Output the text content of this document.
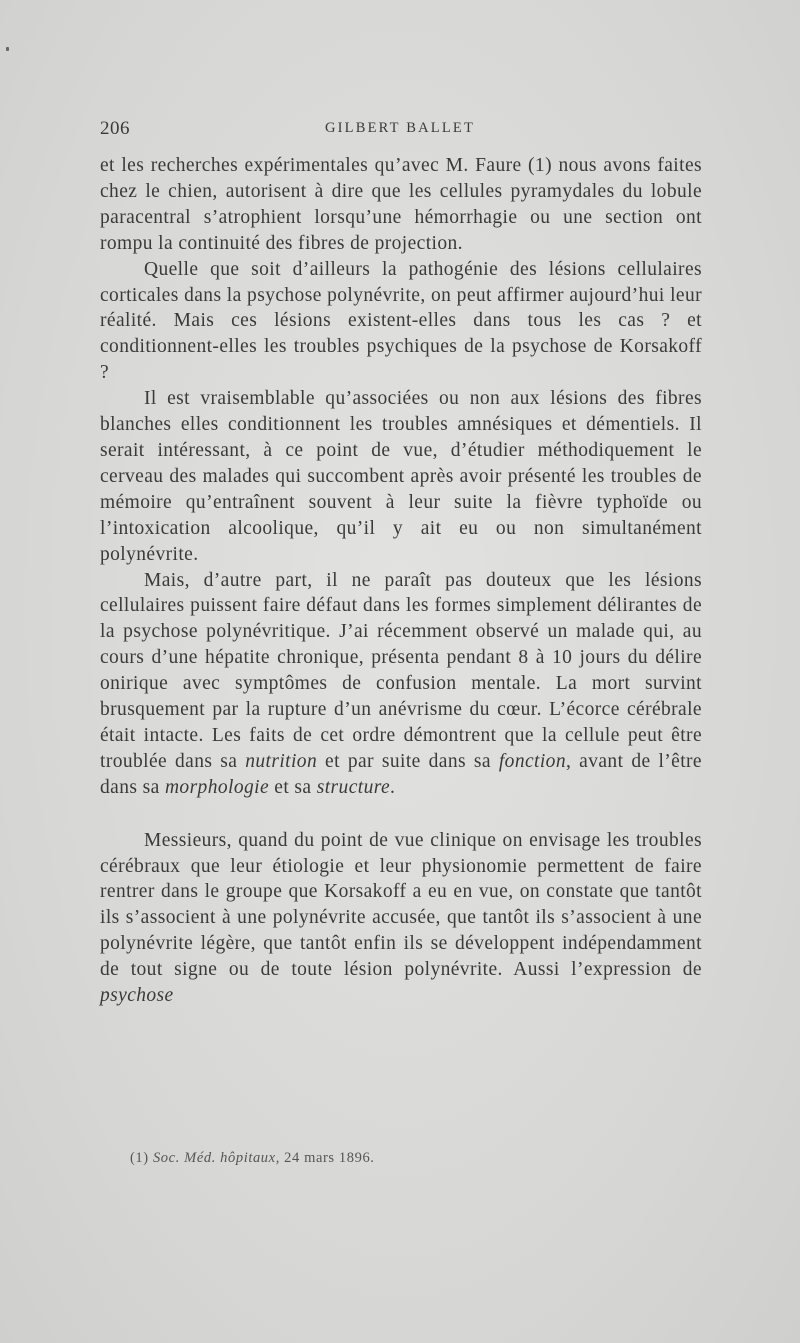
206	GILBERT BALLET

et les recherches expérimentales qu’avec M. Faure (1) nous avons faites chez le chien, autorisent à dire que les cellules pyramydales du lobule paracentral s’atrophient lorsqu’une hémorrhagie ou une section ont rompu la continuité des fibres de projection.

Quelle que soit d’ailleurs la pathogénie des lésions cellulaires corticales dans la psychose polynévrite, on peut affirmer aujourd’hui leur réalité. Mais ces lésions existent-elles dans tous les cas ? et conditionnent-elles les troubles psychiques de la psychose de Korsakoff ?

Il est vraisemblable qu’associées ou non aux lésions des fibres blanches elles conditionnent les troubles amnésiques et démentiels. Il serait intéressant, à ce point de vue, d’étudier méthodiquement le cerveau des malades qui succombent après avoir présenté les troubles de mémoire qu’entraînent souvent à leur suite la fièvre typhoïde ou l’intoxication alcoolique, qu’il y ait eu ou non simultanément polynévrite.

Mais, d’autre part, il ne paraît pas douteux que les lésions cellulaires puissent faire défaut dans les formes simplement délirantes de la psychose polynévritique. J’ai récemment observé un malade qui, au cours d’une hépatite chronique, présenta pendant 8 à 10 jours du délire onirique avec symptômes de confusion mentale. La mort survint brusquement par la rupture d’un anévrisme du cœur. L’écorce cérébrale était intacte. Les faits de cet ordre démontrent que la cellule peut être troublée dans sa nutrition et par suite dans sa fonction, avant de l’être dans sa morphologie et sa structure.

Messieurs, quand du point de vue clinique on envisage les troubles cérébraux que leur étiologie et leur physionomie permettent de faire rentrer dans le groupe que Korsakoff a eu en vue, on constate que tantôt ils s’associent à une polynévrite accusée, que tantôt ils s’associent à une polynévrite légère, que tantôt enfin ils se développent indépendamment de tout signe ou de toute lésion polynévrite. Aussi l’expression de psychose

(1) Soc. Méd. hôpitaux, 24 mars 1896.
